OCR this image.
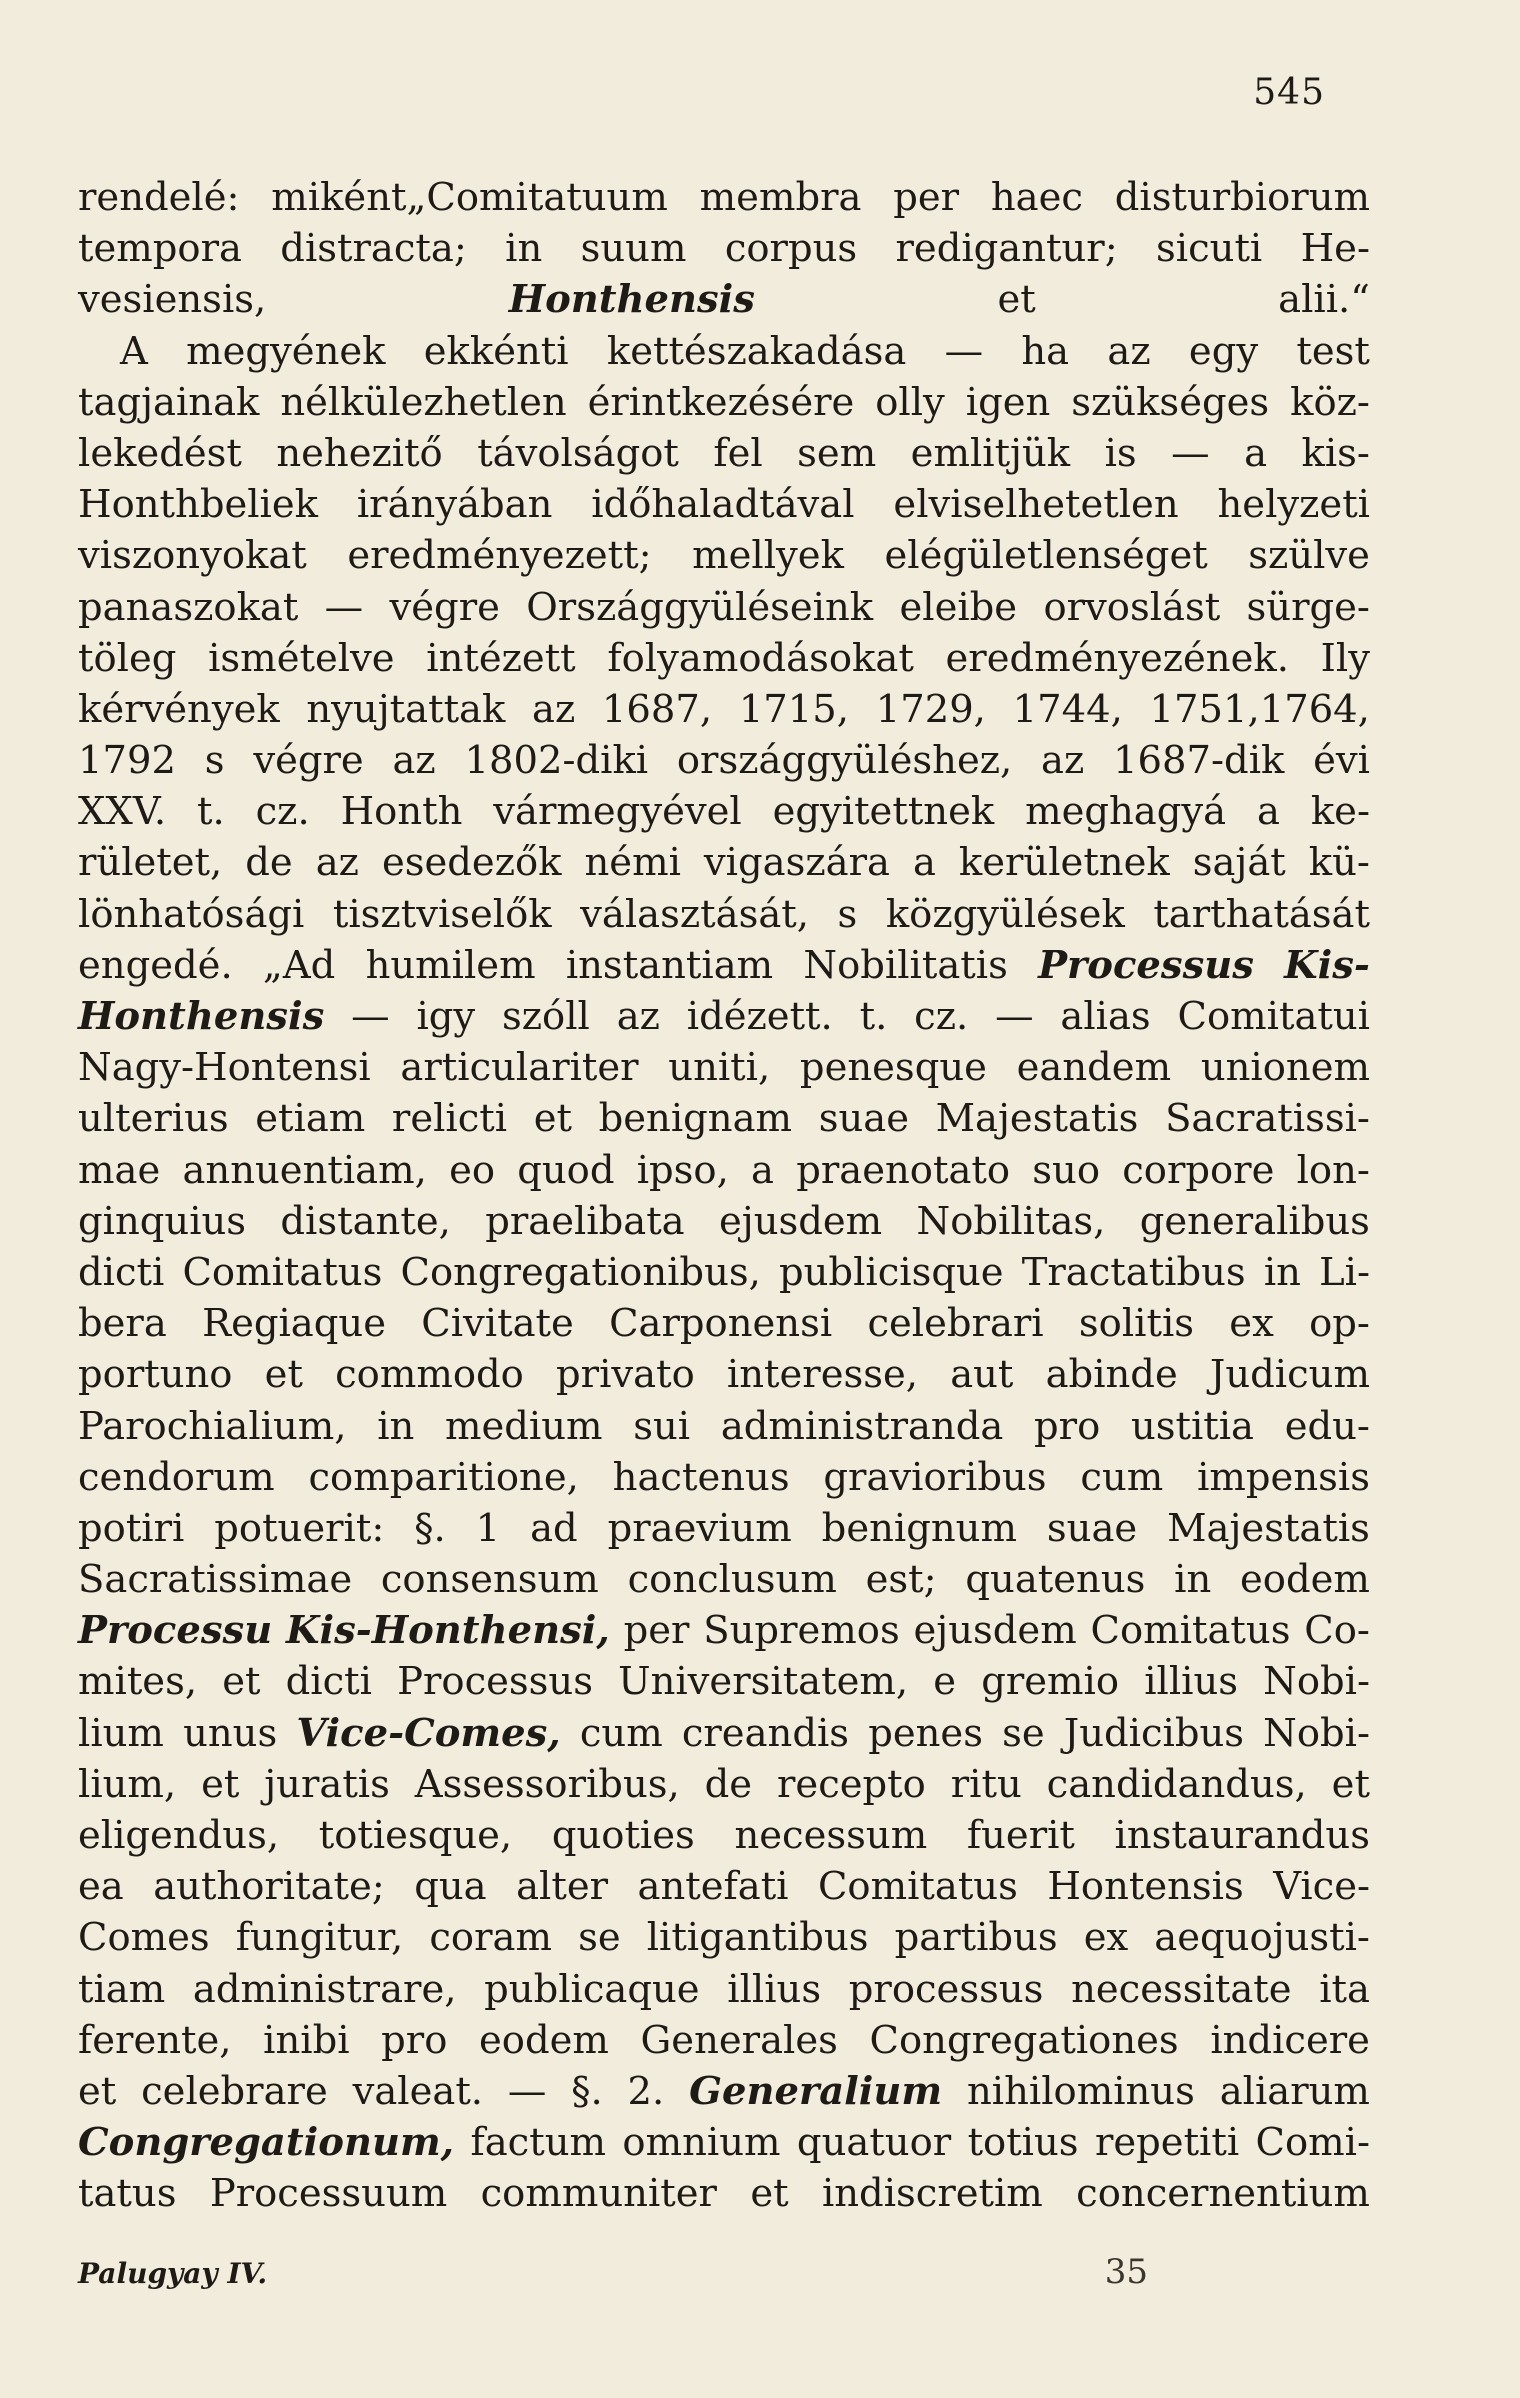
545
rendelé: miként„Comitatuum membra per haec disturbiorum
tempora distracta; in suum corpus redigantur; sicuti He-
vesiensis,	Honthensis	et	alii.“
A megyének ekkénti kettészakadása — ha az egy test
tagjainak nélkülezhetlen érintkezésére olly igen szükséges köz-
lekedést nehezitő távolságot fel sem emlitjük is — a kis-
Honthbeliek irányában időhaladtával elviselhetetlen helyzeti
viszonyokat eredményezett; mellyek elégületlenséget szülve
panaszokat — végre Országgyüléseink eleibe orvoslást sürge-
töleg ismételve intézett folyamodásokat eredményezének. Ily
kérvények nyujtattak az 1687, 1715, 1729, 1744, 1751,1764,
1792 s végre az 1802-diki országgyüléshez, az 1687-dik évi
XXV. t. cz. Honth vármegyével egyitettnek meghagyá a ke-
rületet, de az esedezők némi vigaszára a kerületnek saját kü-
lönhatósági tisztviselők választását, s közgyülések tarthatását
engedé. „Ad humilem instantiam Nobilitatis Processus Kis-
Honthensis — igy szóll az idézett. t. cz. — alias Comitatui
Nagy-Hontensi articulariter uniti, penesque eandem unionem
ulterius etiam relicti et benignam suae Majestatis Sacratissi-
mae annuentiam, eo quod ipso, a praenotato suo corpore lon-
ginquius distante, praelibata ejusdem Nobilitas, generalibus
dicti Comitatus Congregationibus, publicisque Tractatibus in Li-
bera Regiaque Civitate Carponensi celebrari solitis ex op-
portuno et commodo privato interesse, aut abinde Judicum
Parochialium, in medium sui administranda pro ustitia edu-
cendorum comparitione, hactenus gravioribus cum impensis
potiri potuerit: §. 1 ad praevium benignum suae Majestatis
Sacratissimae consensum conclusum est; quatenus in eodem
Processu Kis-Honthensi, per Supremos ejusdem Comitatus Co-
mites, et dicti Processus Universitatem, e gremio illius Nobi-
lium unus Vice-Comes, cum creandis penes se Judicibus Nobi-
lium, et juratis Assessoribus, de recepto ritu candidandus, et
eligendus, totiesque, quoties necessum fuerit instaurandus
ea authoritate; qua alter antefati Comitatus Hontensis Vice-
Comes fungitur, coram se litigantibus partibus ex aequojusti-
tiam administrare, publicaque illius processus necessitate ita
ferente, inibi pro eodem Generales Congregationes indicere
et celebrare valeat. — §. 2. Generalium nihilominus aliarum
Congregationum, factum omnium quatuor totius repetiti Comi-
tatus Processuum communiter et indiscretim concernentium
Palugyay IV.	35
